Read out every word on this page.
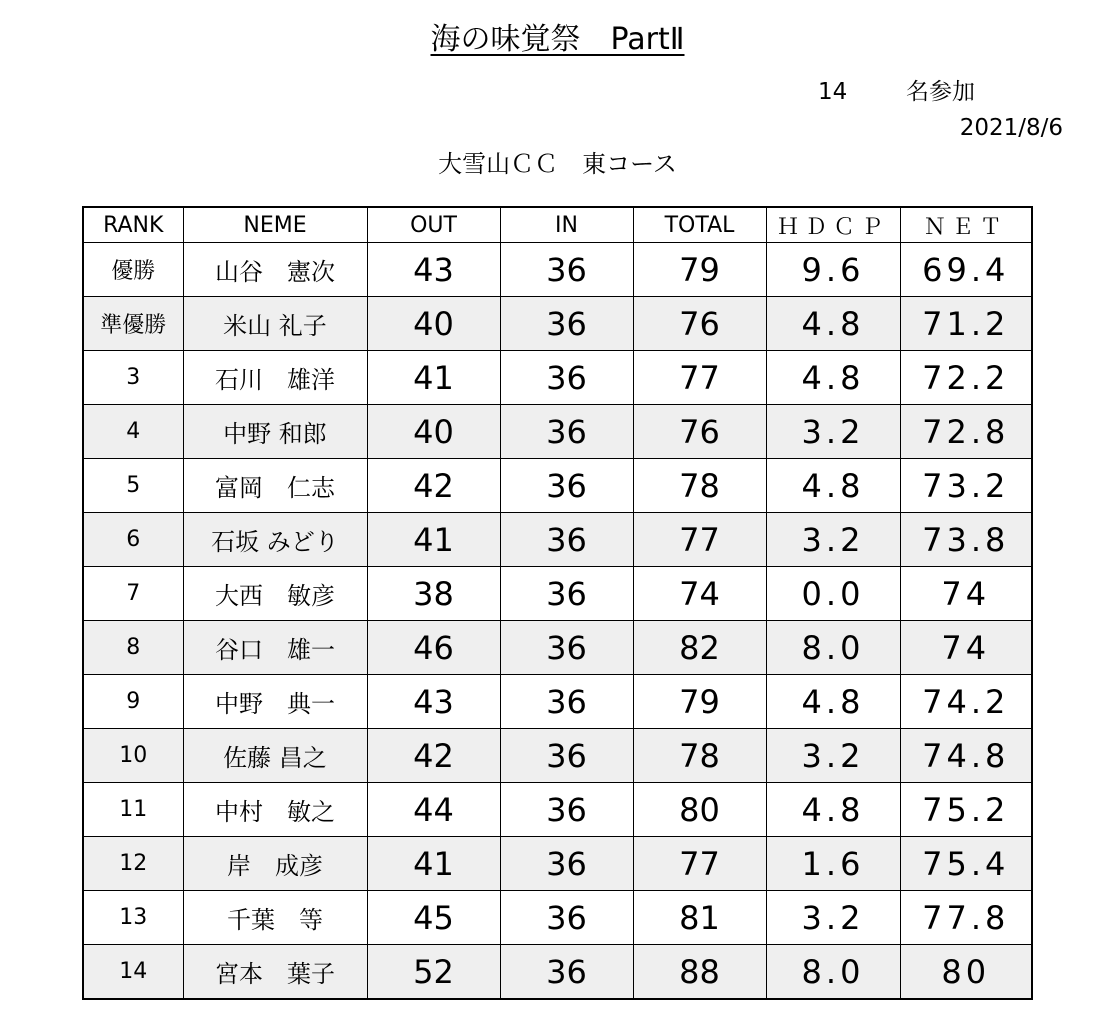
海の味覚祭　PartⅡ
14	名参加
2021/8/6
大雪山ＣＣ　東コース
RANK	NEME	OUT	IN	TOTAL	ＨＤＣＰ	ＮＥＴ
優勝	山谷　憲次	43	36	79	9.6	69.4
準優勝	米山 礼子	40	36	76	4.8	71.2
3	石川　雄洋	41	36	77	4.8	72.2
4	中野 和郎	40	36	76	3.2	72.8
5	富岡　仁志	42	36	78	4.8	73.2
6	石坂 みどり	41	36	77	3.2	73.8
7	大西　敏彦	38	36	74	0.0	74
8	谷口　雄一	46	36	82	8.0	74
9	中野　典一	43	36	79	4.8	74.2
10	佐藤 昌之	42	36	78	3.2	74.8
11	中村　敏之	44	36	80	4.8	75.2
12	岸　成彦	41	36	77	1.6	75.4
13	千葉　等	45	36	81	3.2	77.8
14	宮本　葉子	52	36	88	8.0	80
